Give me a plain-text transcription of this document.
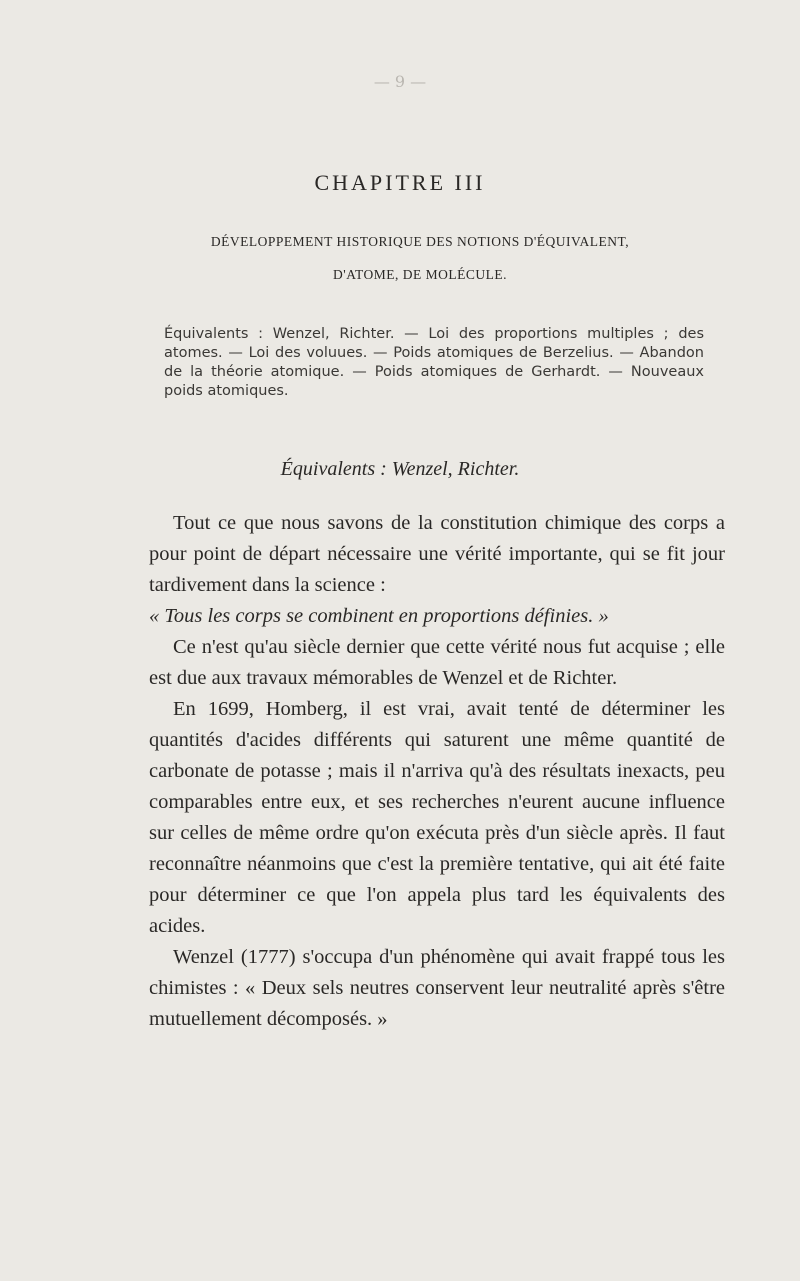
— 9 —
CHAPITRE III
DÉVELOPPEMENT HISTORIQUE DES NOTIONS D'ÉQUIVALENT,
D'ATOME, DE MOLÉCULE.
Équivalents : Wenzel, Richter. — Loi des proportions multiples ; des atomes. — Loi des voluues. — Poids atomiques de Berzelius. — Abandon de la théorie atomique. — Poids atomiques de Gerhardt. — Nouveaux poids atomiques.
Équivalents : Wenzel, Richter.

Tout ce que nous savons de la constitution chimique des corps a pour point de départ nécessaire une vérité importante, qui se fit jour tardivement dans la science :

« Tous les corps se combinent en proportions définies. »

Ce n'est qu'au siècle dernier que cette vérité nous fut acquise ; elle est due aux travaux mémorables de Wenzel et de Richter.

En 1699, Homberg, il est vrai, avait tenté de déterminer les quantités d'acides différents qui saturent une même quantité de carbonate de potasse ; mais il n'arriva qu'à des résultats inexacts, peu comparables entre eux, et ses recherches n'eurent aucune influence sur celles de même ordre qu'on exécuta près d'un siècle après. Il faut reconnaître néanmoins que c'est la première tentative, qui ait été faite pour déterminer ce que l'on appela plus tard les équivalents des acides.

Wenzel (1777) s'occupa d'un phénomène qui avait frappé tous les chimistes : « Deux sels neutres conservent leur neutralité après s'être mutuellement décomposés. »
